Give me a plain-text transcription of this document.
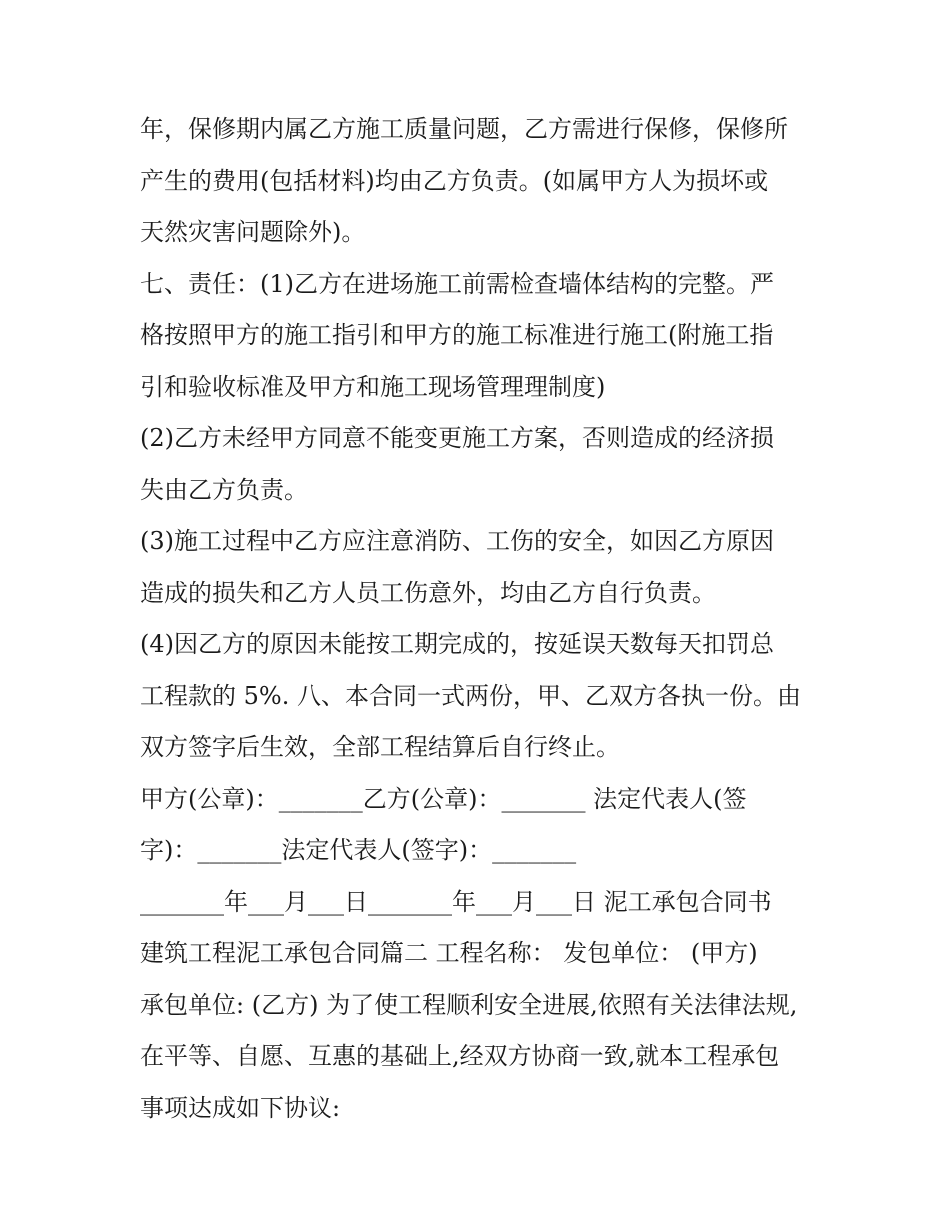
年，保修期内属乙方施工质量问题，乙方需进行保修，保修所
产生的费用(包括材料)均由乙方负责。(如属甲方人为损坏或
天然灾害问题除外)。
七、责任：(1)乙方在进场施工前需检查墙体结构的完整。严
格按照甲方的施工指引和甲方的施工标准进行施工(附施工指
引和验收标准及甲方和施工现场管理理制度)
(2)乙方未经甲方同意不能变更施工方案，否则造成的经济损
失由乙方负责。
(3)施工过程中乙方应注意消防、工伤的安全，如因乙方原因
造成的损失和乙方人员工伤意外，均由乙方自行负责。
(4)因乙方的原因未能按工期完成的，按延误天数每天扣罚总
工程款的 5%. 八、本合同一式两份，甲、乙双方各执一份。由
双方签字后生效，全部工程结算后自行终止。
甲方(公章)：_______乙方(公章)：_______ 法定代表人(签
字)：_______法定代表人(签字)：_______
_______年___月___日_______年___月___日 泥工承包合同书
建筑工程泥工承包合同篇二 工程名称： 发包单位： (甲方)
承包单位: (乙方) 为了使工程顺利安全进展,依照有关法律法规,
在平等、自愿、互惠的基础上,经双方协商一致,就本工程承包
事项达成如下协议:
